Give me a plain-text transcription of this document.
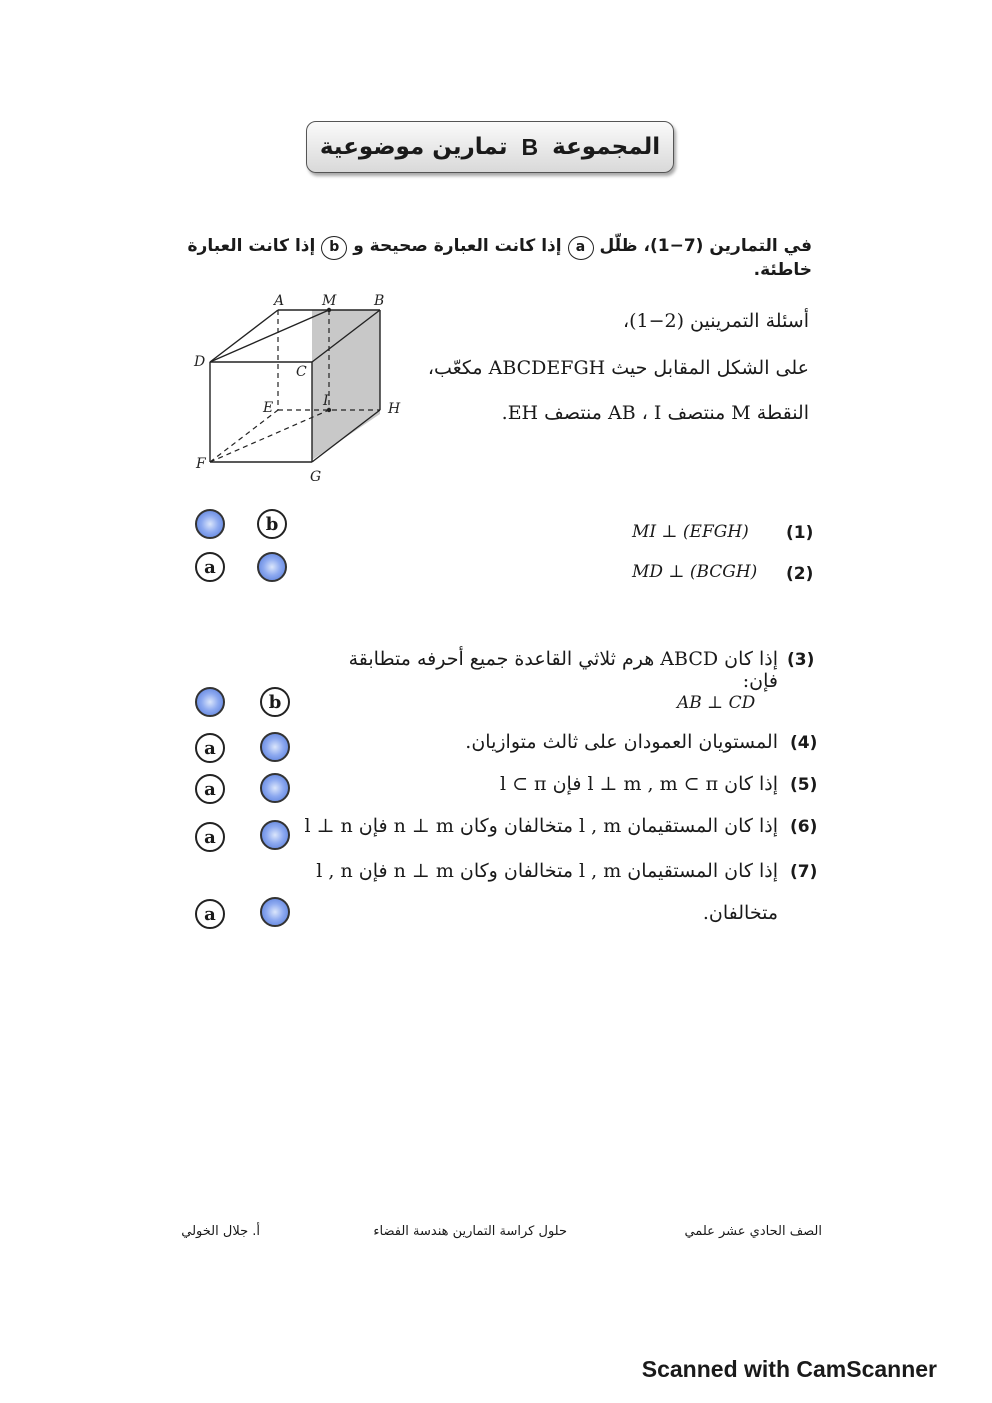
المجموعة
B
تمارين موضوعية
في التمارين (7−1)، ظلّل a إذا كانت العبارة صحيحة و b إذا كانت العبارة خاطئة.
A	M	B
D
C
E	I	H
F
G
أسئلة التمرينين (2−1)،
على الشكل المقابل حيث ABCDEFGH مكعّب،
النقطة M منتصف AB ، I منتصف EH.
b	MI ⊥ (EFGH) (1)
a	MD ⊥ (BCGH) (2)
(3)
إذا كان ABCD هرم ثلاثي القاعدة جميع أحرفه متطابقة فإن:
AB ⊥ CD
b
(4)
المستويان العمودان على ثالث متوازيان.
a
(5)
إذا كان l ⊥ m , m ⊂ π فإن l ⊂ π
a
(6)
إذا كان المستقيمان l , m متخالفان وكان n ⊥ m فإن l ⊥ n
a
(7)
إذا كان المستقيمان l , m متخالفان وكان n ⊥ m فإن l , n
متخالفان.
a
الصف الحادي عشر علمي
حلول كراسة التمارين هندسة الفضاء
أ. جلال الخولي
Scanned with CamScanner
